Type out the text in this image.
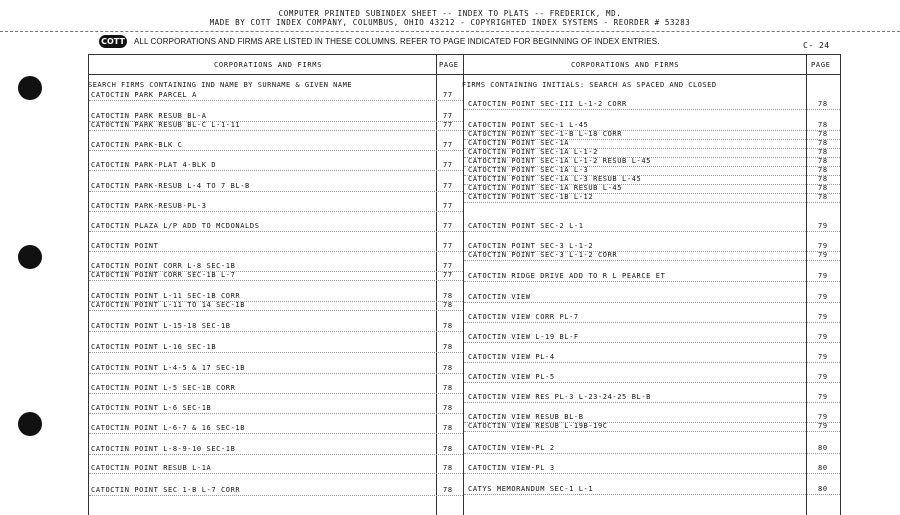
COMPUTER PRINTED SUBINDEX SHEET -- INDEX TO PLATS -- FREDERICK, MD.
MADE BY COTT INDEX COMPANY, COLUMBUS, OHIO 43212 - COPYRIGHTED INDEX SYSTEMS - REORDER # 53283
COTT ALL CORPORATIONS AND FIRMS ARE LISTED IN THESE COLUMNS. REFER TO PAGE INDICATED FOR BEGINNING OF INDEX ENTRIES.	C- 24
CORPORATIONS AND FIRMS	PAGE	CORPORATIONS AND FIRMS	PAGE
SEARCH FIRMS CONTAINING IND NAME BY SURNAME & GIVEN NAME	FIRMS CONTAINING INITIALS: SEARCH AS SPACED AND CLOSED
CATOCTIN PARK PARCEL A	77
CATOCTIN PARK RESUB BL-A	77
CATOCTIN PARK RESUB BL-C L-1-11	77
CATOCTIN PARK-BLK C	77
CATOCTIN PARK-PLAT 4-BLK D	77
CATOCTIN PARK-RESUB L-4 TO 7 BL-B	77
CATOCTIN PARK-RESUB-PL-3	77
CATOCTIN PLAZA L/P ADD TO MCDONALDS	77
CATOCTIN POINT	77
CATOCTIN POINT CORR L-8 SEC-1B	77
CATOCTIN POINT CORR SEC-1B L-7	77
CATOCTIN POINT L-11 SEC-1B CORR	78
CATOCTIN POINT L-11 TO 14 SEC-1B	78
CATOCTIN POINT L-15-18 SEC-1B	78
CATOCTIN POINT L-16 SEC-1B	78
CATOCTIN POINT L-4-5 & 17 SEC-1B	78
CATOCTIN POINT L-5 SEC-1B CORR	78
CATOCTIN POINT L-6 SEC-1B	78
CATOCTIN POINT L-6-7 & 16 SEC-1B	78
CATOCTIN POINT L-8-9-10 SEC-1B	78
CATOCTIN POINT RESUB L-1A	78
CATOCTIN POINT SEC 1-B L-7 CORR	78
CATOCTIN POINT SEC-III L-1-2 CORR	78
CATOCTIN POINT SEC-1 L-45	78
CATOCTIN POINT SEC-1-B L-18 CORR	78
CATOCTIN POINT SEC-1A	78
CATOCTIN POINT SEC-1A L-1-2	78
CATOCTIN POINT SEC-1A L-1-2 RESUB L-45	78
CATOCTIN POINT SEC-1A L-3	78
CATOCTIN POINT SEC-1A L-3 RESUB L-45	78
CATOCTIN POINT SEC-1A RESUB L-45	78
CATOCTIN POINT SEC-1B L-12	78
CATOCTIN POINT SEC-2 L-1	79
CATOCTIN POINT SEC-3 L-1-2	79
CATOCTIN POINT SEC-3 L-1-2 CORR	79
CATOCTIN RIDGE DRIVE ADD TO R L PEARCE ET	79
CATOCTIN VIEW	79
CATOCTIN VIEW CORR PL-7	79
CATOCTIN VIEW L-19 BL-F	79
CATOCTIN VIEW PL-4	79
CATOCTIN VIEW PL-5	79
CATOCTIN VIEW RES PL-3 L-23-24-25 BL-B	79
CATOCTIN VIEW RESUB BL-B	79
CATOCTIN VIEW RESUB L-19B-19C	79
CATOCTIN VIEW-PL 2	80
CATOCTIN VIEW-PL 3	80
CATYS MEMORANDUM SEC-1 L-1	80
